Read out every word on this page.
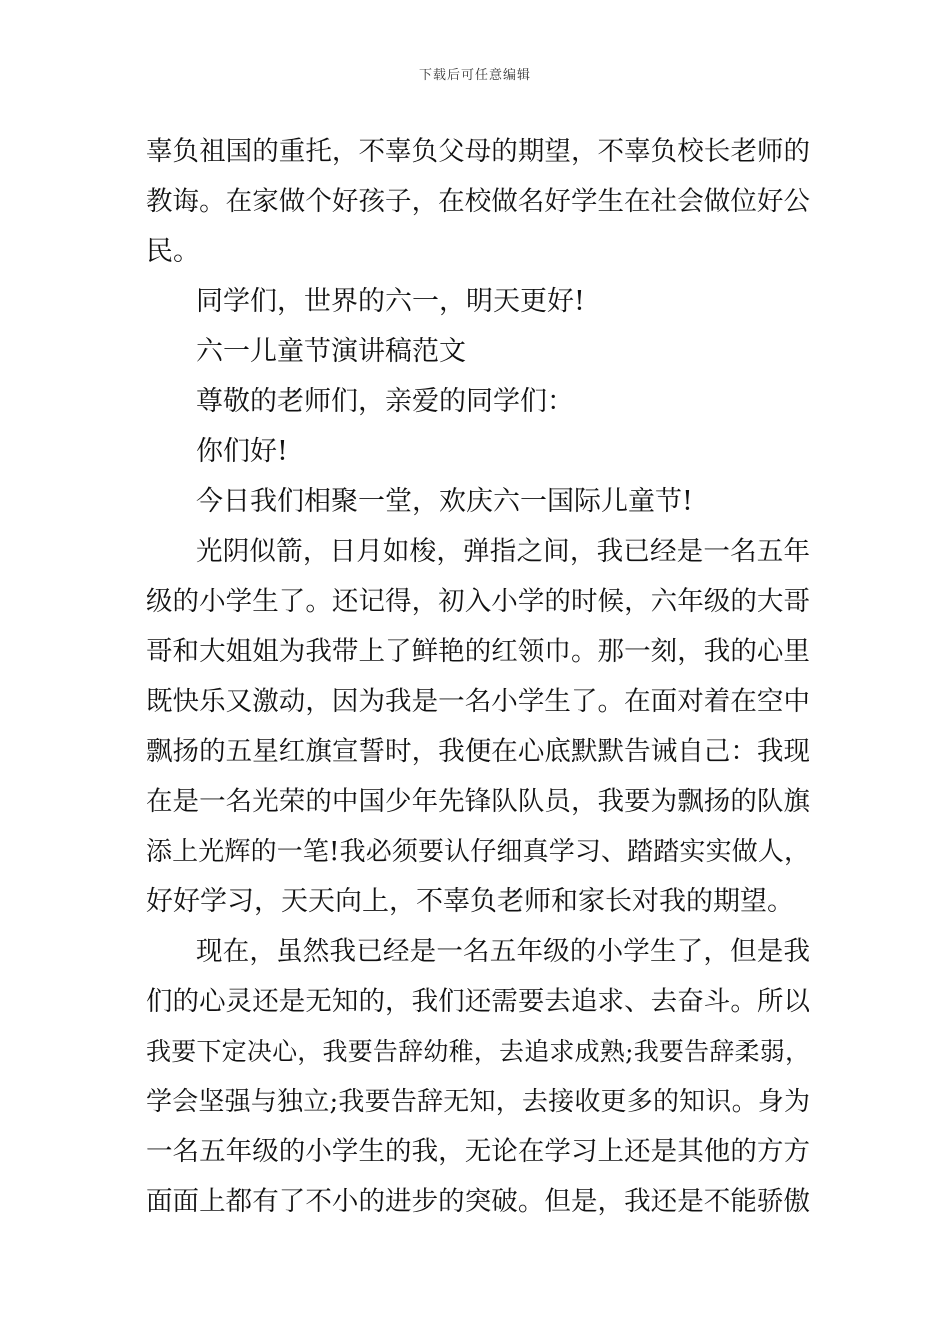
下载后可任意编辑
辜负祖国的重托，不辜负父母的期望，不辜负校长老师的
教诲。在家做个好孩子，在校做名好学生在社会做位好公
民。
同学们，世界的六一，明天更好!
六一儿童节演讲稿范文
尊敬的老师们，亲爱的同学们：
你们好!
今日我们相聚一堂，欢庆六一国际儿童节!
光阴似箭，日月如梭，弹指之间，我已经是一名五年
级的小学生了。还记得，初入小学的时候，六年级的大哥
哥和大姐姐为我带上了鲜艳的红领巾。那一刻，我的心里
既快乐又激动，因为我是一名小学生了。在面对着在空中
飘扬的五星红旗宣誓时，我便在心底默默告诫自己：我现
在是一名光荣的中国少年先锋队队员，我要为飘扬的队旗
添上光辉的一笔!我必须要认仔细真学习、踏踏实实做人，
好好学习，天天向上，不辜负老师和家长对我的期望。
现在，虽然我已经是一名五年级的小学生了，但是我
们的心灵还是无知的，我们还需要去追求、去奋斗。所以
我要下定决心，我要告辞幼稚，去追求成熟;我要告辞柔弱，
学会坚强与独立;我要告辞无知，去接收更多的知识。身为
一名五年级的小学生的我，无论在学习上还是其他的方方
面面上都有了不小的进步的突破。但是，我还是不能骄傲
